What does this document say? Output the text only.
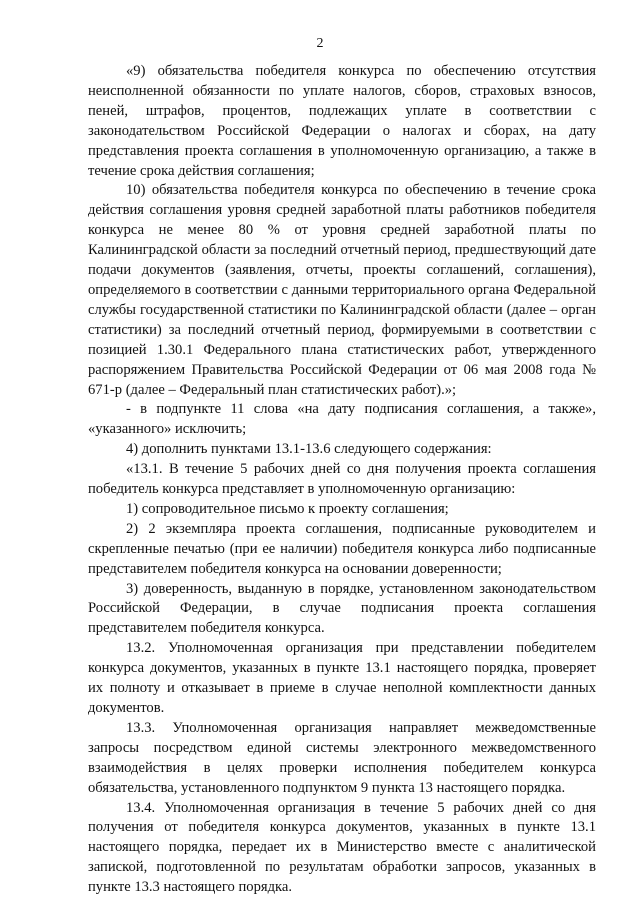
2

«9) обязательства победителя конкурса по обеспечению отсутствия неисполненной обязанности по уплате налогов, сборов, страховых взносов, пеней, штрафов, процентов, подлежащих уплате в соответствии с законодательством Российской Федерации о налогах и сборах, на дату представления проекта соглашения в уполномоченную организацию, а также в течение срока действия соглашения;

10) обязательства победителя конкурса по обеспечению в течение срока действия соглашения уровня средней заработной платы работников победителя конкурса не менее 80 % от уровня средней заработной платы по Калининградской области за последний отчетный период, предшествующий дате подачи документов (заявления, отчеты, проекты соглашений, соглашения), определяемого в соответствии с данными территориального органа Федеральной службы государственной статистики по Калининградской области (далее – орган статистики) за последний отчетный период, формируемыми в соответствии с позицией 1.30.1 Федерального плана статистических работ, утвержденного распоряжением Правительства Российской Федерации от 06 мая 2008 года № 671-р (далее – Федеральный план статистических работ).»;

- в подпункте 11 слова «на дату подписания соглашения, а также», «указанного» исключить;

4) дополнить пунктами 13.1-13.6 следующего содержания:

«13.1. В течение 5 рабочих дней со дня получения проекта соглашения победитель конкурса представляет в уполномоченную организацию:

1) сопроводительное письмо к проекту соглашения;

2) 2 экземпляра проекта соглашения, подписанные руководителем и скрепленные печатью (при ее наличии) победителя конкурса либо подписанные представителем победителя конкурса на основании доверенности;

3) доверенность, выданную в порядке, установленном законодательством Российской Федерации, в случае подписания проекта соглашения представителем победителя конкурса.

13.2. Уполномоченная организация при представлении победителем конкурса документов, указанных в пункте 13.1 настоящего порядка, проверяет их полноту и отказывает в приеме в случае неполной комплектности данных документов.

13.3. Уполномоченная организация направляет межведомственные запросы посредством единой системы электронного межведомственного взаимодействия в целях проверки исполнения победителем конкурса обязательства, установленного подпунктом 9 пункта 13 настоящего порядка.

13.4. Уполномоченная организация в течение 5 рабочих дней со дня получения от победителя конкурса документов, указанных в пункте 13.1 настоящего порядка, передает их в Министерство вместе с аналитической запиской, подготовленной по результатам обработки запросов, указанных в пункте 13.3 настоящего порядка.
